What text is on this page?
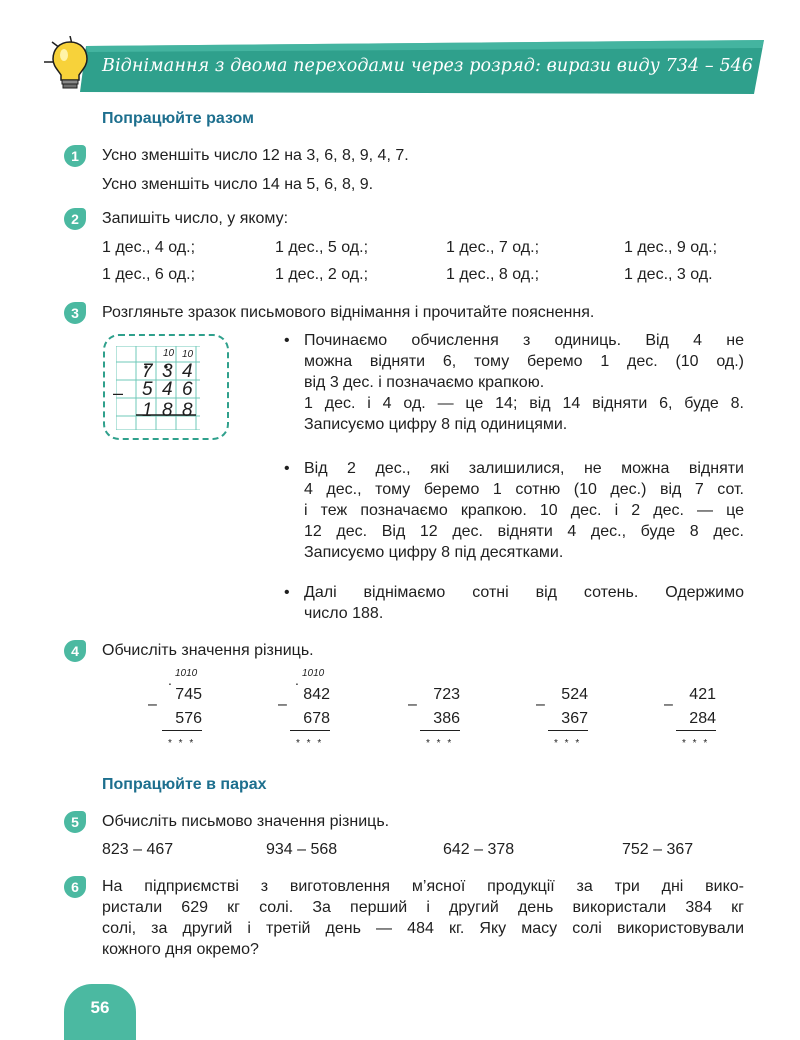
Віднімання з двома переходами через розряд: вирази виду 734 – 546
Попрацюйте разом
1	Усно зменшіть число 12 на 3, 6, 8, 9, 4, 7.
Усно зменшіть число 14 на 5, 6, 8, 9.
2	Запишіть число, у якому:
1 дес., 4 од.;	1 дес., 5 од.;	1 дес., 7 од.;	1 дес., 9 од.;
1 дес., 6 од.;	1 дес., 2 од.;	1 дес., 8 од.;	1 дес., 3 од.
3	Розгляньте зразок письмового віднімання і прочитайте пояснення.
10 10
–
7 3 4
5 4 6
1 8 8
• Починаємо обчислення з одиниць. Від 4 не
можна відняти 6, тому беремо 1 дес. (10 од.)
від 3 дес. і позначаємо крапкою.
1 дес. і 4 од. — це 14; від 14 відняти 6, буде 8.
Записуємо цифру 8 під одиницями.
• Від 2 дес., які залишилися, не можна відняти
4 дес., тому беремо 1 сотню (10 дес.) від 7 сот.
і теж позначаємо крапкою. 10 дес. і 2 дес. — це
12 дес. Від 12 дес. відняти 4 дес., буде 8 дес.
Записуємо цифру 8 під десятками.
• Далі віднімаємо сотні від сотень. Одержимо
число 188.
4	Обчисліть значення різниць.
1010
.
–
745
576
* * *
1010
.
–
842
678
* * *
–
723
386
* * *
–
524
367
* * *
–
421
284
* * *
Попрацюйте в парах
5	Обчисліть письмово значення різниць.
823 – 467	934 – 568	642 – 378	752 – 367
6	На підприємстві з виготовлення м’ясної продукції за три дні вико-
ристали 629 кг солі. За перший і другий день використали 384 кг
солі, за другий і третій день — 484 кг. Яку масу солі використовували
кожного дня окремо?
56
